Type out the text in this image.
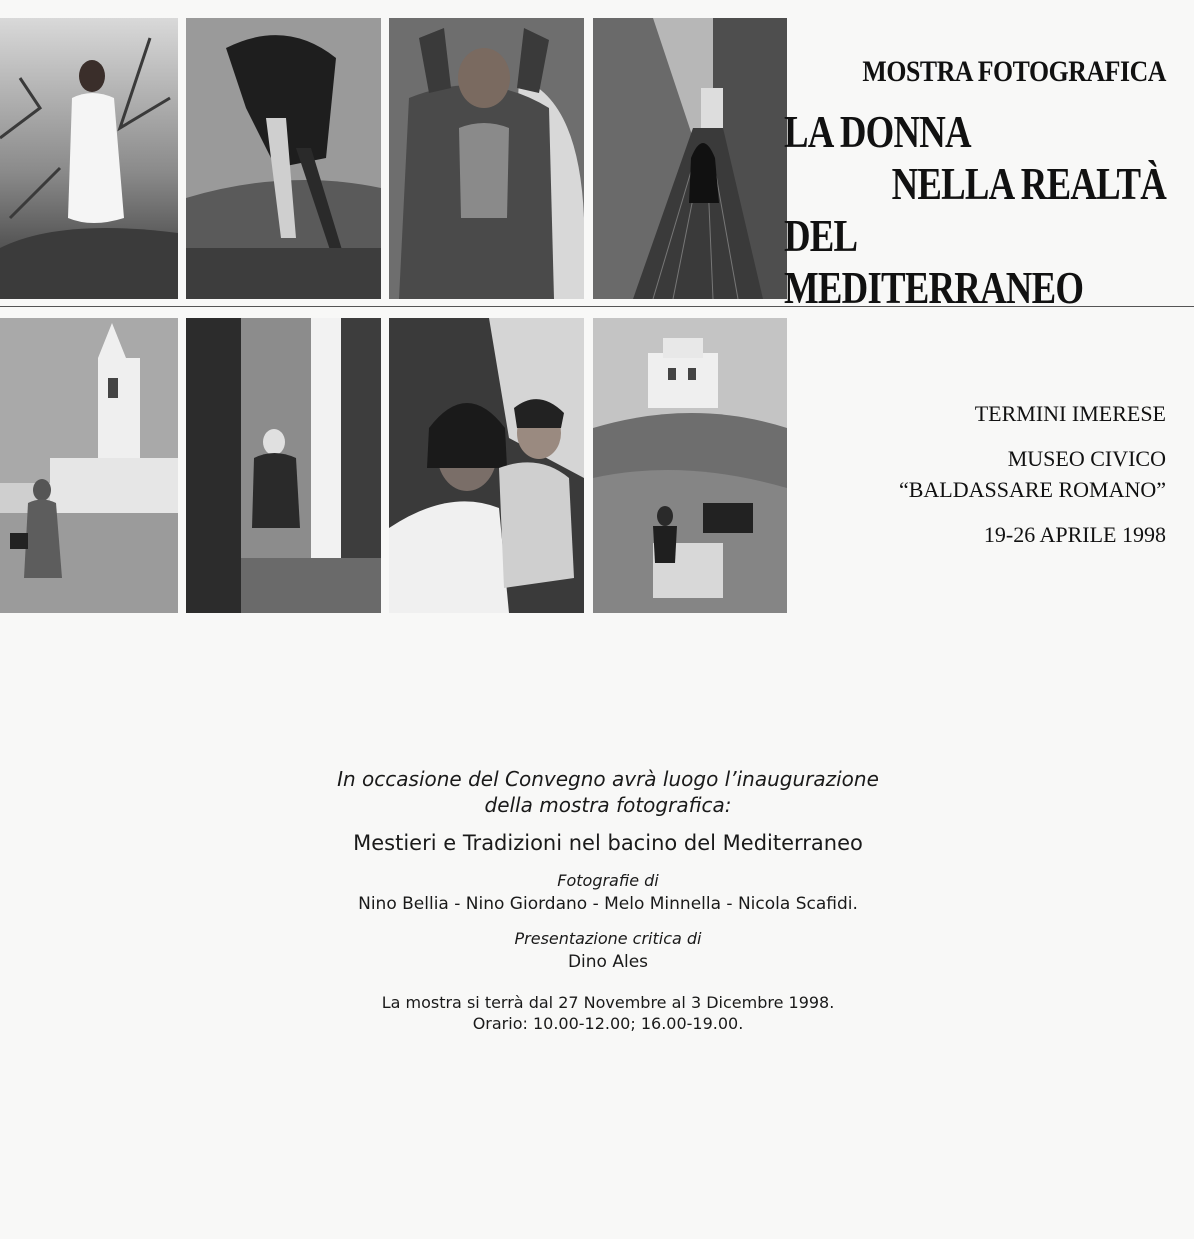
MOSTRA FOTOGRAFICA
LA DONNA
NELLA REALTÀ
DEL MEDITERRANEO
TERMINI IMERESE
MUSEO CIVICO
“BALDASSARE ROMANO”
19-26 APRILE 1998
In occasione del Convegno avrà luogo l’inaugurazione
della mostra fotografica:
Mestieri e Tradizioni nel bacino del Mediterraneo
Fotografie di
Nino Bellia - Nino Giordano - Melo Minnella - Nicola Scafidi.
Presentazione critica di
Dino Ales
La mostra si terrà dal 27 Novembre al 3 Dicembre 1998.
Orario: 10.00-12.00; 16.00-19.00.
